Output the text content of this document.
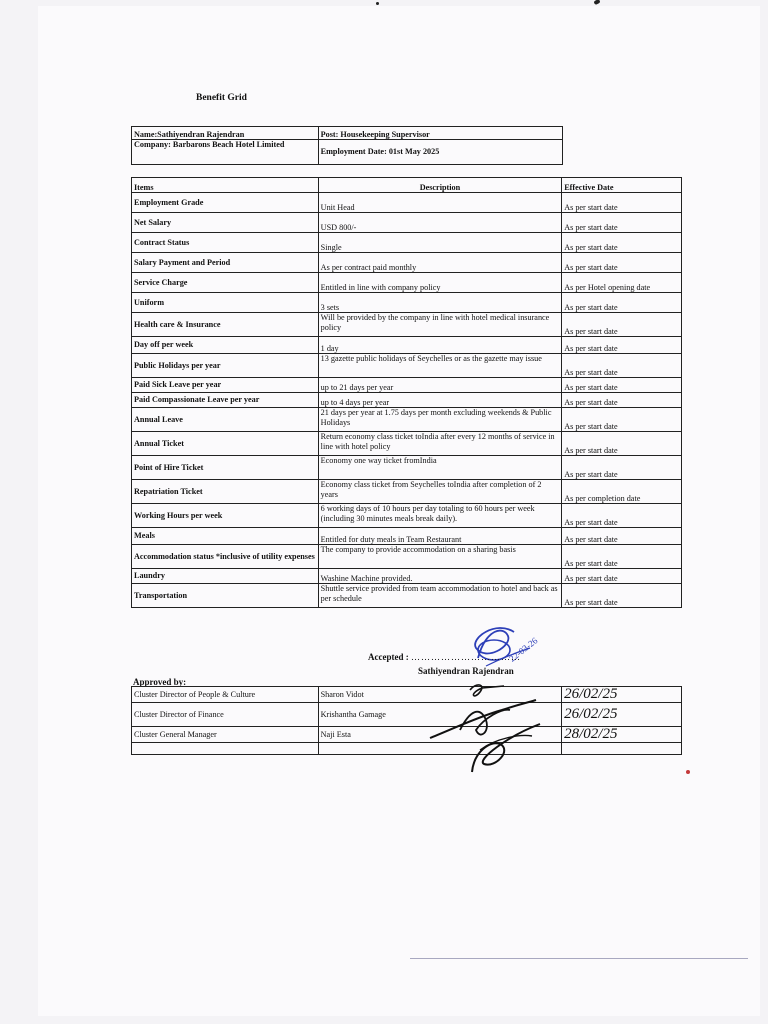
Benefit Grid
Name:Sathiyendran Rajendran	Post: Housekeeping Supervisor
Company: Barbarons Beach Hotel Limited	Employment Date: 01st May 2025
Items	Description	Effective Date
Employment Grade	Unit Head	As per start date
Net Salary	USD 800/-	As per start date
Contract Status	Single	As per start date
Salary Payment and Period	As per contract paid monthly	As per start date
Service Charge	Entitled in line with company policy	As per Hotel opening date
Uniform	3 sets	As per start date
Health care & Insurance	Will be provided by the company in line with hotel medical insurance policy	As per start date
Day off per week	1 day	As per start date
Public Holidays per year	13 gazette public holidays of Seychelles or as the gazette may issue	As per start date
Paid Sick Leave per year	up to 21 days per year	As per start date
Paid Compassionate Leave per year	up to 4 days per year	As per start date
Annual Leave	21 days per year at 1.75 days per month excluding weekends & Public Holidays	As per start date
Annual Ticket	Return economy class ticket toIndia after every 12 months of service in line with hotel policy	As per start date
Point of Hire Ticket	Economy one way ticket fromIndia	As per start date
Repatriation Ticket	Economy class ticket from Seychelles toIndia after completion of 2 years	As per completion date
Working Hours per week	6 working days of 10 hours per day totaling to 60 hours per week (including 30 minutes meals break daily).	As per start date
Meals	Entitled for duty meals in Team Restaurant	As per start date
Accommodation status *inclusive of utility expenses	The company to provide accommodation on a sharing basis	As per start date
Laundry	Washine Machine provided.	As per start date
Transportation	Shuttle service provided from team accommodation to hotel and back as per schedule	As per start date
22-03-26
Accepted : ……………………………
Sathiyendran Rajendran
Approved by:
Cluster Director of People & Culture	Sharon Vidot	26/02/25
Cluster Director of Finance	Krishantha Gamage	26/02/25
Cluster General Manager	Naji Esta	28/02/25
